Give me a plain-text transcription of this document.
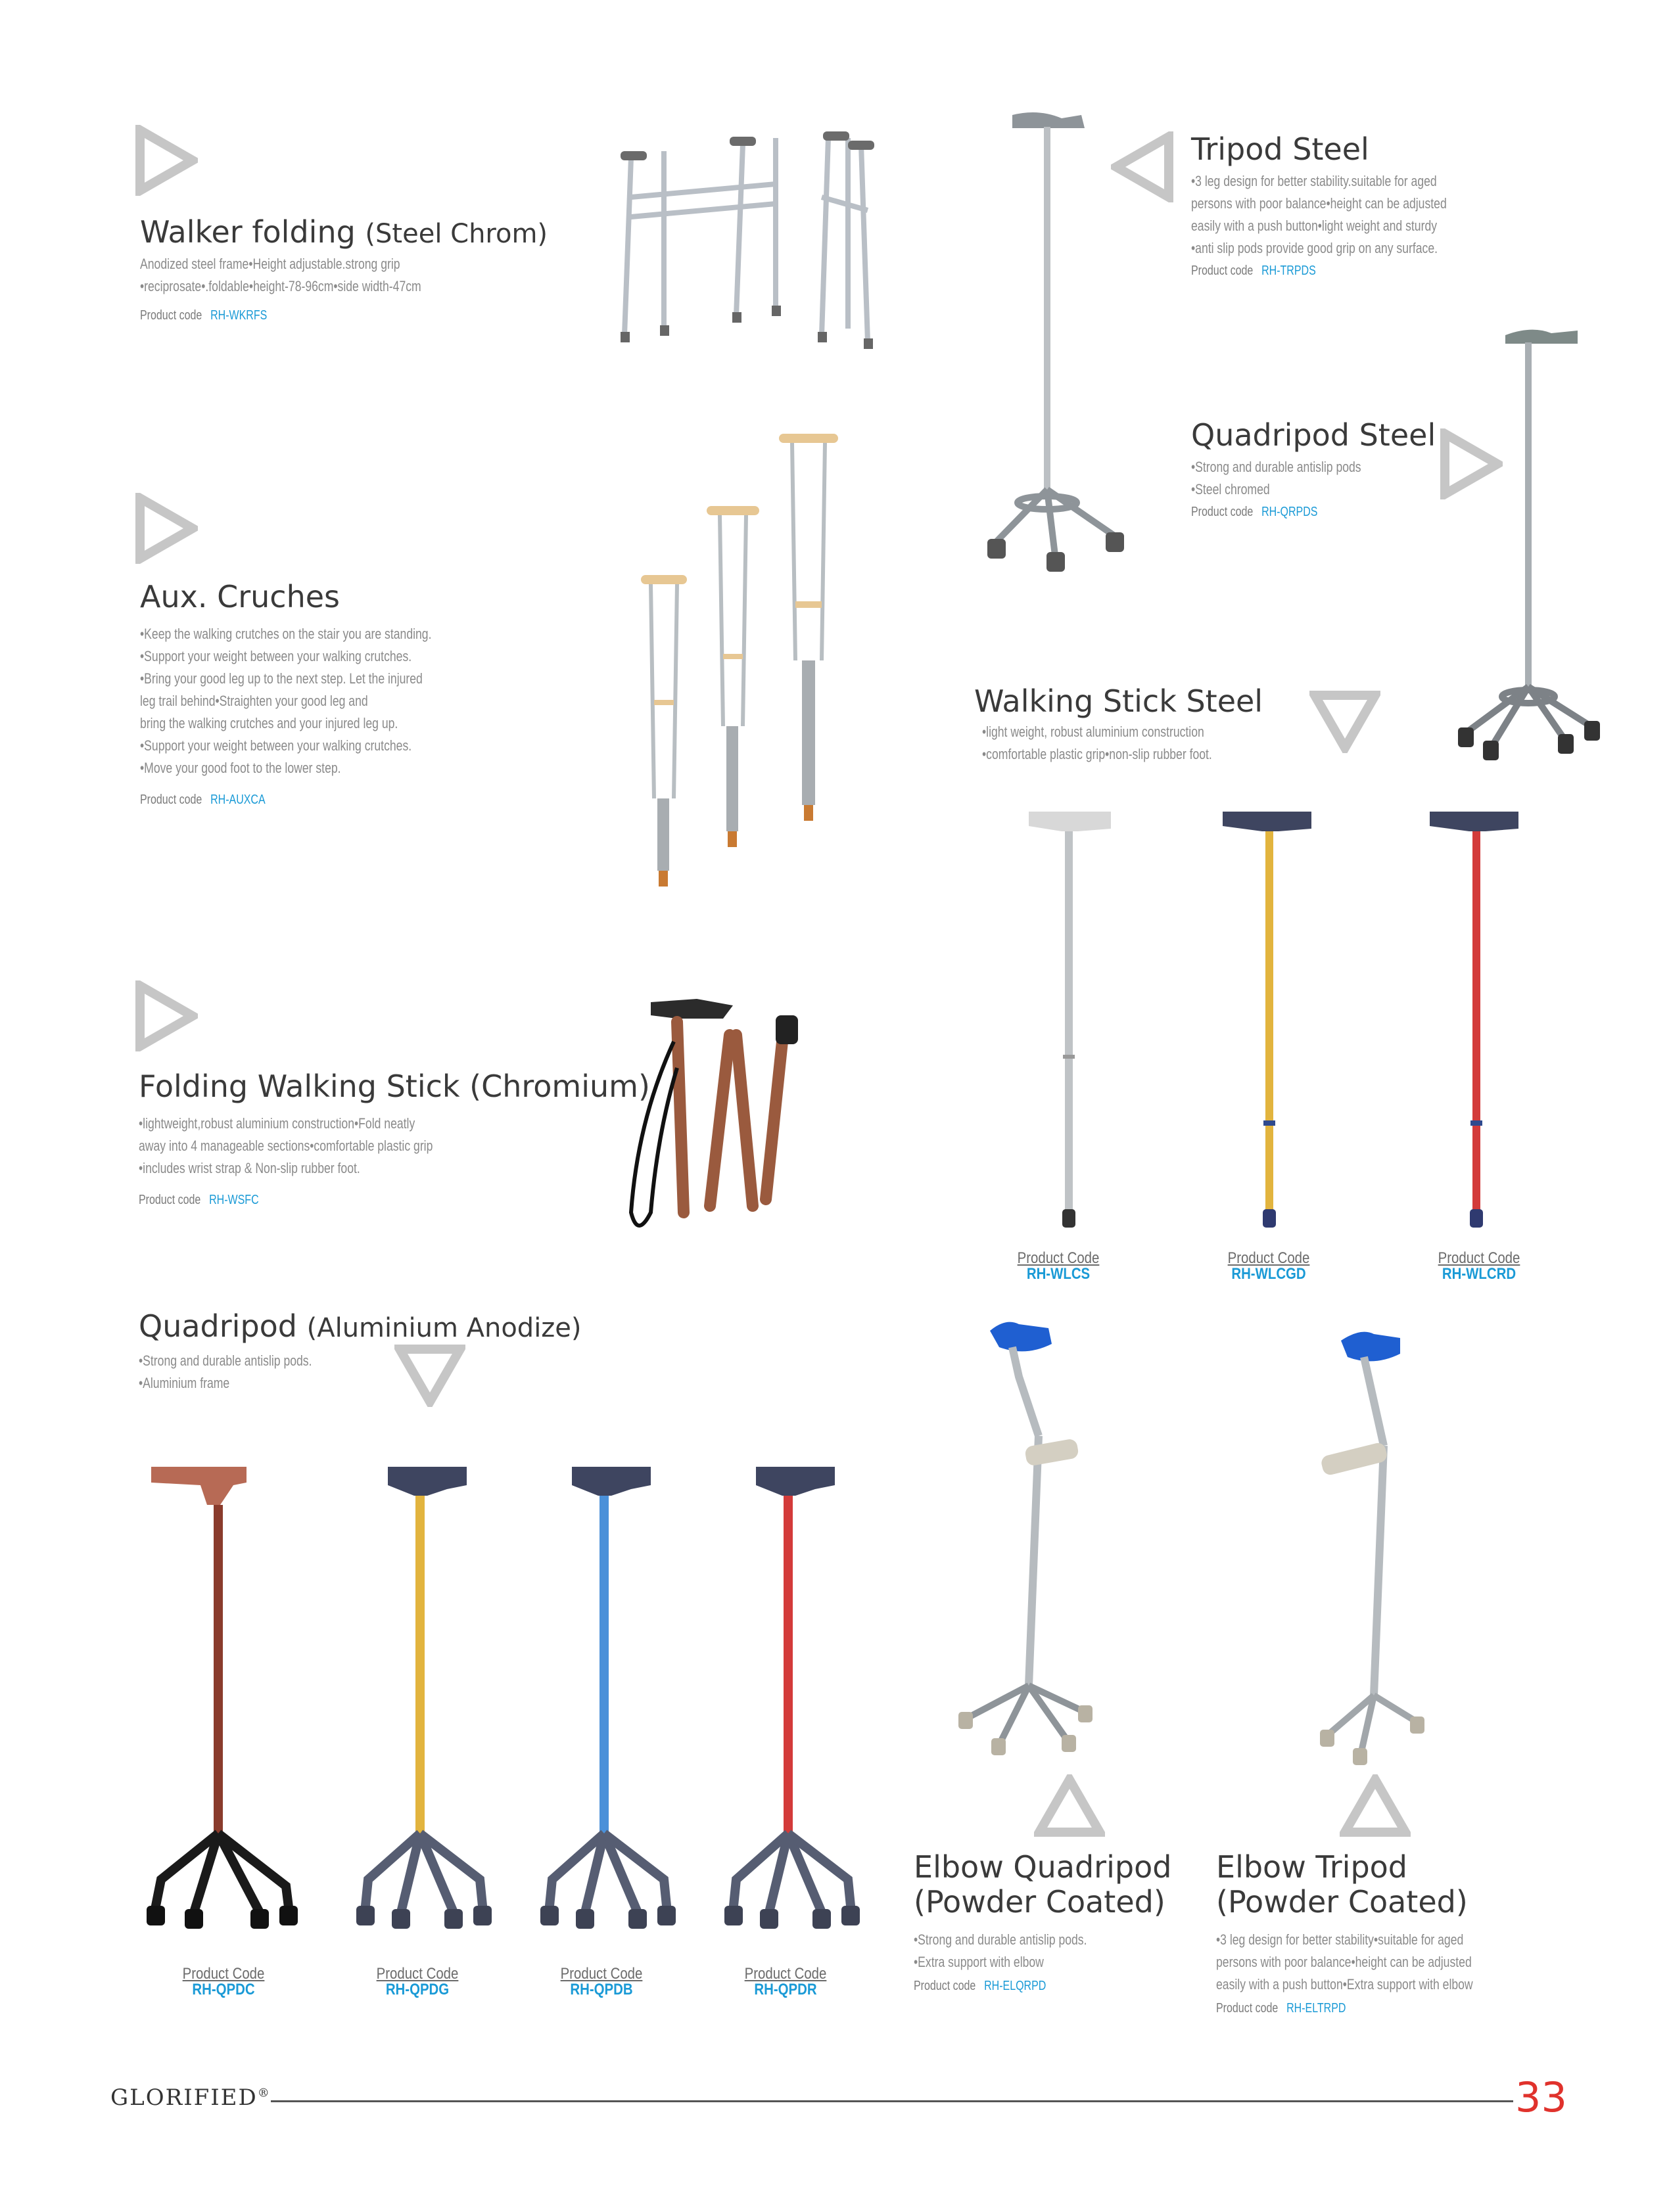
Walker folding (Steel Chrom)
Anodized steel frame•Height adjustable.strong grip
•reciprosate•.foldable•height-78-96cm•side width-47cm
Product code RH-WKRFS
Tripod Steel
•3 leg design for better stability.suitable for aged
persons with poor balance•height can be adjusted
easily with a push button•light weight and sturdy
•anti slip pods provide good grip on any surface.
Product code RH-TRPDS
Quadripod Steel
•Strong and durable antislip pods
•Steel chromed
Product code RH-QRPDS
Aux. Cruches
•Keep the walking crutches on the stair you are standing.
•Support your weight between your walking crutches.
•Bring your good leg up to the next step. Let the injured
leg trail behind•Straighten your good leg and
bring the walking crutches and your injured leg up.
•Support your weight between your walking crutches.
•Move your good foot to the lower step.
Product code RH-AUXCA
Walking Stick Steel
•light weight, robust aluminium construction
•comfortable plastic grip•non-slip rubber foot.
Product Code
RH-WLCS
Product Code
RH-WLCGD
Product Code
RH-WLCRD
Folding Walking Stick (Chromium)
•lightweight,robust aluminium construction•Fold neatly
away into 4 manageable sections•comfortable plastic grip
•includes wrist strap & Non-slip rubber foot.
Product code RH-WSFC
Quadripod (Aluminium Anodize)
•Strong and durable antislip pods.
•Aluminium frame
Product Code
RH-QPDC
Product Code
RH-QPDG
Product Code
RH-QPDB
Product Code
RH-QPDR
Elbow Quadripod
(Powder Coated)
•Strong and durable antislip pods.
•Extra support with elbow
Product code RH-ELQRPD
Elbow Tripod
(Powder Coated)
•3 leg design for better stability•suitable for aged
persons with poor balance•height can be adjusted
easily with a push button•Extra support with elbow
Product code RH-ELTRPD
GLORIFIED®	33
